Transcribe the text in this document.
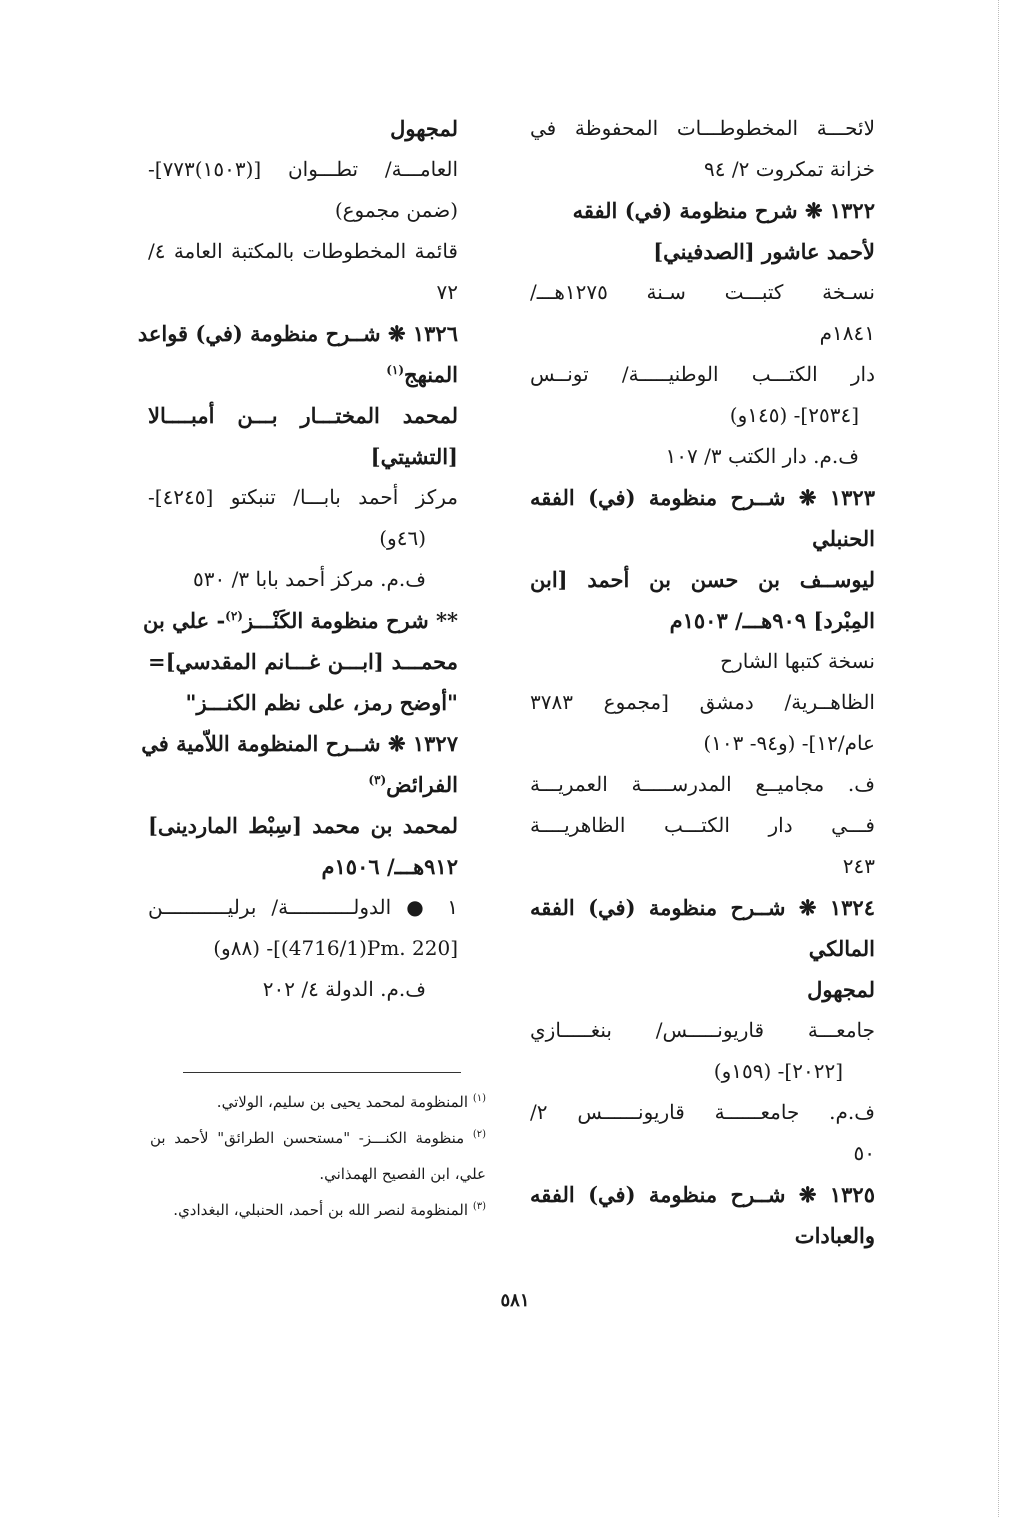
لائحـــة المخطوطـــات المحفوظة في
خزانة تمكروت ٢/ ٩٤
١٣٢٢ ❋ شرح منظومة (في) الفقه
لأحمد عاشور [الصدفيني]
نسـخة كتبـــت سـنة ١٢٧٥هـــ/
١٨٤١م
دار الكتـــب الوطنيـــــة/ تونــس
[٢٥٣٤]- (١٤٥و)
ف.م. دار الكتب ٣/ ١٠٧
١٣٢٣ ❋ شــرح منظومة (في) الفقه
الحنبلي
ليوســف بن حسن بن أحمد [ابن
المِبْرد] ٩٠٩هـــ/ ١٥٠٣م
نسخة كتبها الشارح
الظاهــرية/ دمشق [مجموع ٣٧٨٣
عام/١٢]- (و٩٤- ١٠٣)
ف. مجاميــع المدرســـــة العمريـــة
فـــي دار الكتـــب الظاهريــــة
٢٤٣
١٣٢٤ ❋ شــرح منظومة (في) الفقه
المالكي
لمجهول
جامعـــة قاريونـــــس/ بنغـــــازي
[٢٠٢٢]- (١٥٩و)
ف.م. جامعــــــة قاريونــــــس ٢/
٥٠
١٣٢٥ ❋ شــرح منظومة (في) الفقه
والعبادات
لمجهول
العامـــة/ تطـــوان [(١٥٠٣)٧٧٣]-
(ضمن مجموع)
قائمة المخطوطات بالمكتبة العامة ٤/
٧٢
١٣٢٦ ❋ شــرح منظومة (في) قواعد
المنهج$^{(١)}$
لمحمد المختـــار بـــن أمبــــالا
[التشيتي]
مركز أحمد بابـــا/ تنبكتو [٤٢٤٥]-
(٤٦و)
ف.م. مركز أحمد بابا ٣/ ٥٣٠
** شرح منظومة الكَنْـــز$^{(٢)}$- علي بن
محمـــد [ابـــن غـــانم المقدسي]=
"أوضح رمز، على نظم الكنـــز"
١٣٢٧ ❋ شــرح المنظومة اللاّمية في
الفرائض$^{(٣)}$
لمحمد بن محمد [سِبْط الماردينى]
٩١٢هـــ/ ١٥٠٦م
١ ● الدولـــــــــــة/ برليـــــــــــن
[(4716/1)Pm. 220]- (٨٨و)
ف.م. الدولة ٤/ ٢٠٢
$^{(١)}$ المنظومة لمحمد يحيى بن سليم، الولاتي.
$^{(٢)}$ منظومة الكنـــز- "مستحسن الطرائق" لأحمد بن
علي، ابن الفصيح الهمذاني.
$^{(٣)}$ المنظومة لنصر الله بن أحمد، الحنبلي، البغدادي.
٥٨١
